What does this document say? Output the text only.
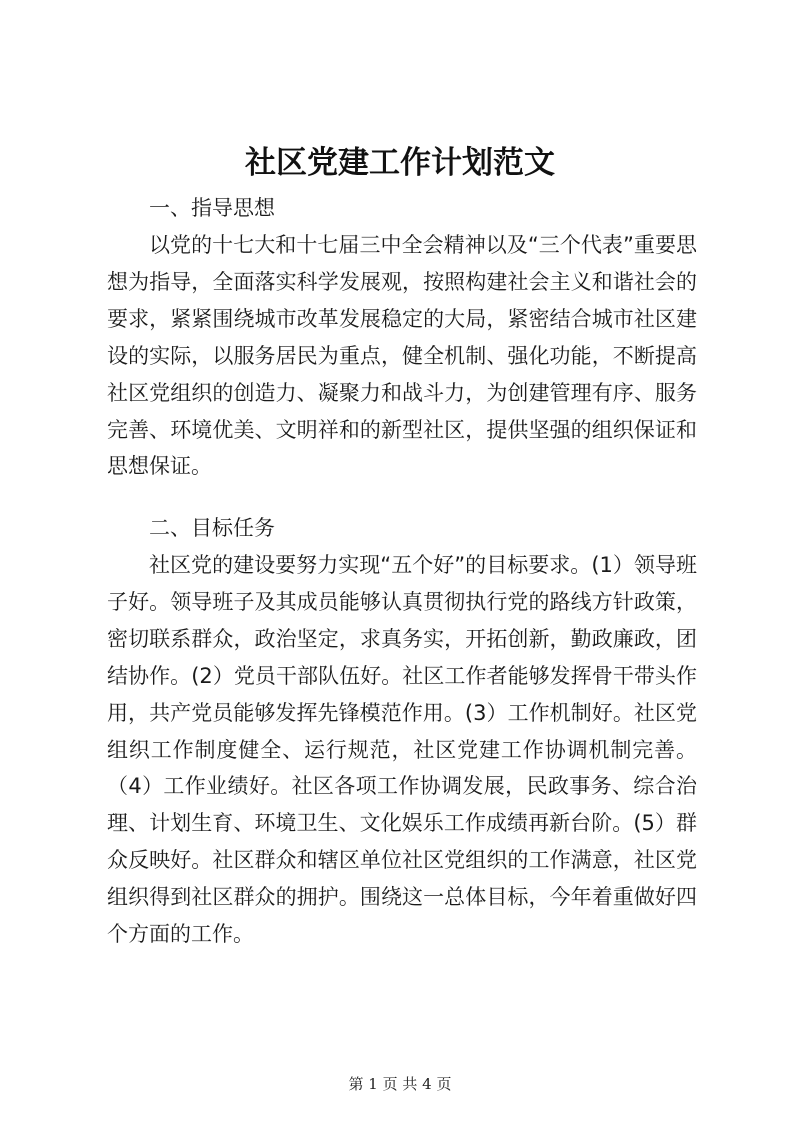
社区党建工作计划范文

一、指导思想

以党的十七大和十七届三中全会精神以及“三个代表”重要思想为指导，全面落实科学发展观，按照构建社会主义和谐社会的要求，紧紧围绕城市改革发展稳定的大局，紧密结合城市社区建设的实际，以服务居民为重点，健全机制、强化功能，不断提高社区党组织的创造力、凝聚力和战斗力，为创建管理有序、服务完善、环境优美、文明祥和的新型社区，提供坚强的组织保证和思想保证。

二、目标任务

社区党的建设要努力实现“五个好”的目标要求。(1）领导班子好。领导班子及其成员能够认真贯彻执行党的路线方针政策，密切联系群众，政治坚定，求真务实，开拓创新，勤政廉政，团结协作。(2）党员干部队伍好。社区工作者能够发挥骨干带头作用，共产党员能够发挥先锋模范作用。(3）工作机制好。社区党组织工作制度健全、运行规范，社区党建工作协调机制完善。（4）工作业绩好。社区各项工作协调发展，民政事务、综合治理、计划生育、环境卫生、文化娱乐工作成绩再新台阶。(5）群众反映好。社区群众和辖区单位社区党组织的工作满意，社区党组织得到社区群众的拥护。围绕这一总体目标，今年着重做好四个方面的工作。

第 1 页 共 4 页
